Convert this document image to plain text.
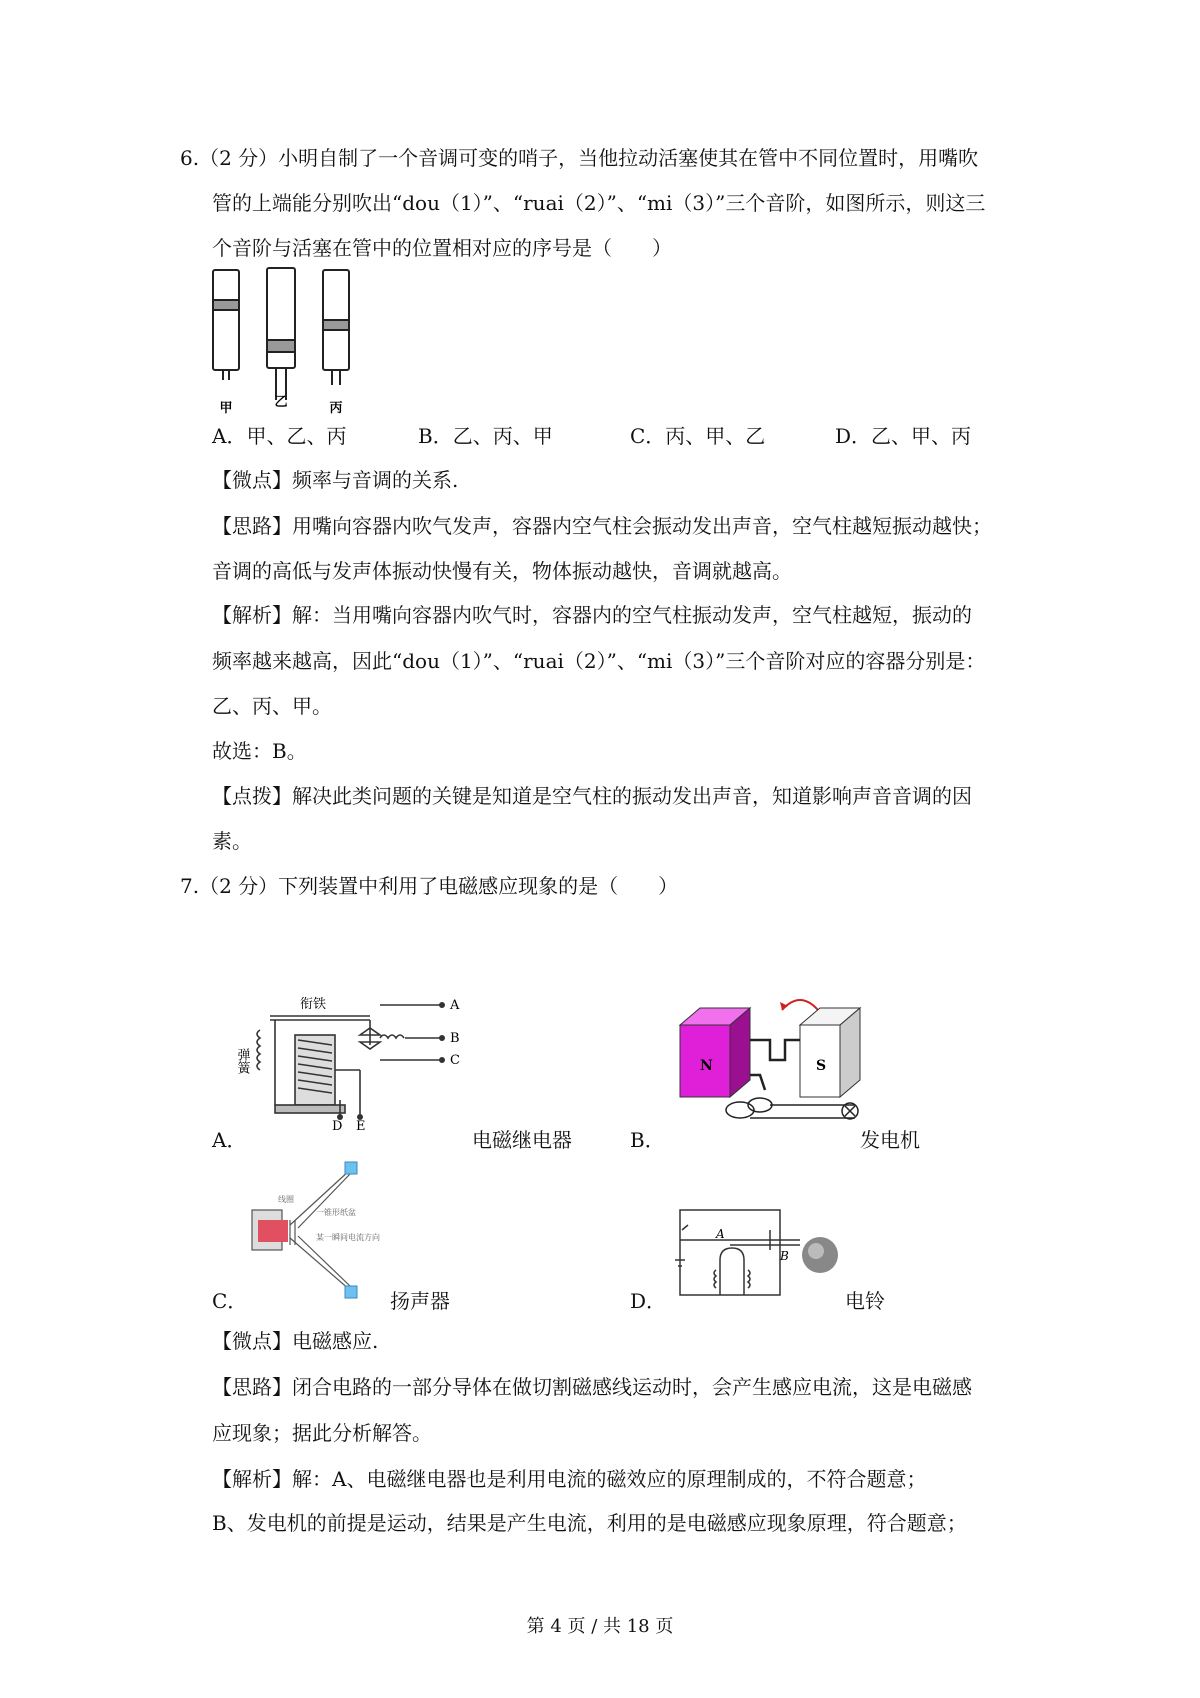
6.（2 分）小明自制了一个音调可变的哨子，当他拉动活塞使其在管中不同位置时，用嘴吹
管的上端能分别吹出“dou（1）”、“ruai（2）”、“mi（3）”三个音阶，如图所示，则这三
个音阶与活塞在管中的位置相对应的序号是（　　）
甲	乙	丙
A．甲、乙、丙	B．乙、丙、甲	C．丙、甲、乙	D．乙、甲、丙
【微点】频率与音调的关系.
【思路】用嘴向容器内吹气发声，容器内空气柱会振动发出声音，空气柱越短振动越快；
音调的高低与发声体振动快慢有关，物体振动越快，音调就越高。
【解析】解：当用嘴向容器内吹气时，容器内的空气柱振动发声，空气柱越短，振动的
频率越来越高，因此“dou（1）”、“ruai（2）”、“mi（3）”三个音阶对应的容器分别是：
乙、丙、甲。
故选：B。
【点拨】解决此类问题的关键是知道是空气柱的振动发出声音，知道影响声音音调的因
素。
7.（2 分）下列装置中利用了电磁感应现象的是（　　）
衔铁
弹簧
A
B
C
D E
A．	电磁继电器
N	S
B．	发电机
线圈
一锥形纸盆
某一瞬间电流方向
C．	扬声器
A
B
D．	电铃
【微点】电磁感应.
【思路】闭合电路的一部分导体在做切割磁感线运动时，会产生感应电流，这是电磁感
应现象；据此分析解答。
【解析】解：A、电磁继电器也是利用电流的磁效应的原理制成的，不符合题意；
B、发电机的前提是运动，结果是产生电流，利用的是电磁感应现象原理，符合题意；
第 4 页 / 共 18 页
